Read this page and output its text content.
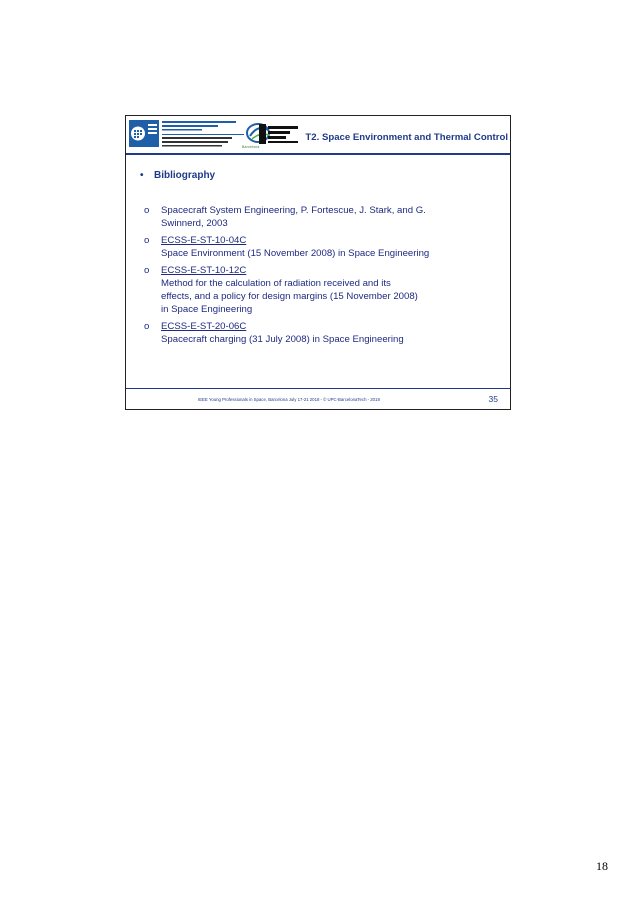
Barcelona
T2. Space Environment and Thermal Control
• Bibliography
o Spacecraft System Engineering, P. Fortescue, J. Stark, and G.
Swinnerd, 2003
o ECSS-E-ST-10-04C
Space Environment (15 November 2008) in Space Engineering
o ECSS-E-ST-10-12C
Method for the calculation of radiation received and its
effects, and a policy for design margins (15 November 2008)
in Space Engineering
o ECSS-E-ST-20-06C
Spacecraft charging (31 July 2008) in Space Engineering
IEEE Young Professionals in Space, Barcelona July 17-21 2018 - © UPC-BarcelonaTech - 2018	35
18
